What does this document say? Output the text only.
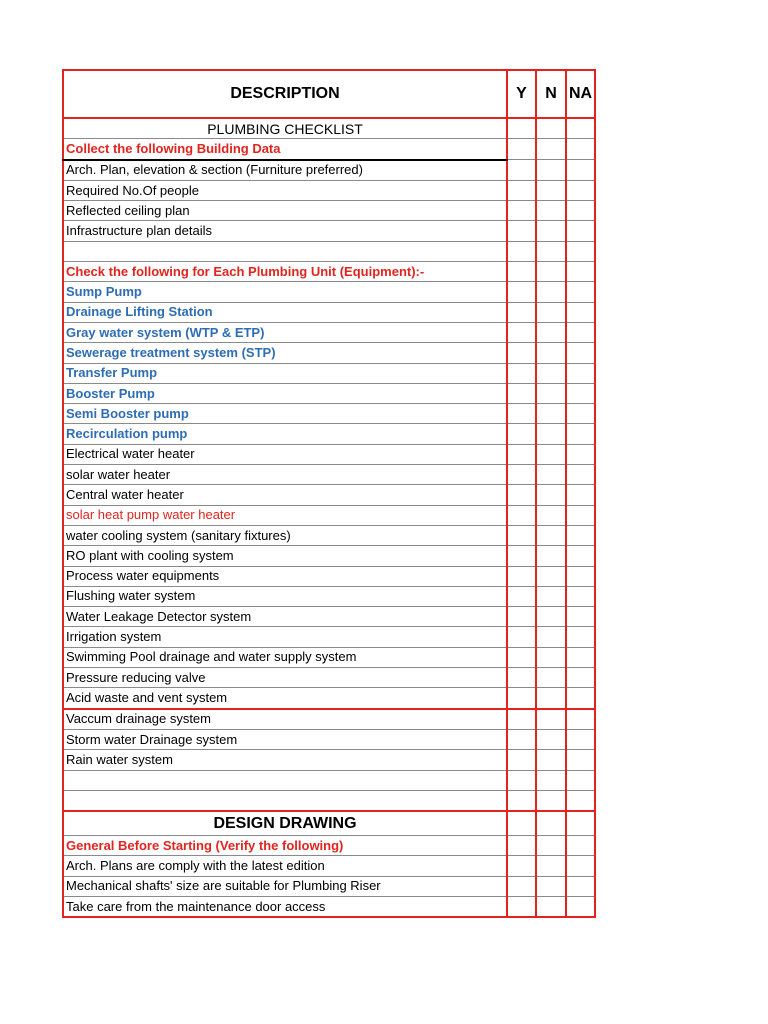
DESCRIPTION	Y	N	NA
PLUMBING CHECKLIST			
Collect the following Building Data			
Arch. Plan, elevation & section (Furniture preferred)			
Required No.Of people			
Reflected ceiling plan			
Infrastructure plan details			

Check the following for Each Plumbing Unit (Equipment):-			
Sump Pump			
Drainage Lifting Station			
Gray water system (WTP & ETP)			
Sewerage treatment system (STP)			
Transfer Pump			
Booster Pump			
Semi Booster pump			
Recirculation pump			
Electrical water heater			
solar water heater			
Central water heater			
solar heat pump water heater			
water cooling system (sanitary fixtures)			
RO plant with cooling system			
Process water equipments			
Flushing water system			
Water Leakage Detector system			
Irrigation system			
Swimming Pool drainage and water supply system			
Pressure reducing valve			
Acid waste and vent system			
Vaccum drainage system			
Storm water Drainage system			
Rain water system			

DESIGN DRAWING			
General Before Starting (Verify the following)			
Arch. Plans are comply with the latest edition			
Mechanical shafts' size are suitable for Plumbing Riser			
Take care from the maintenance door access			
